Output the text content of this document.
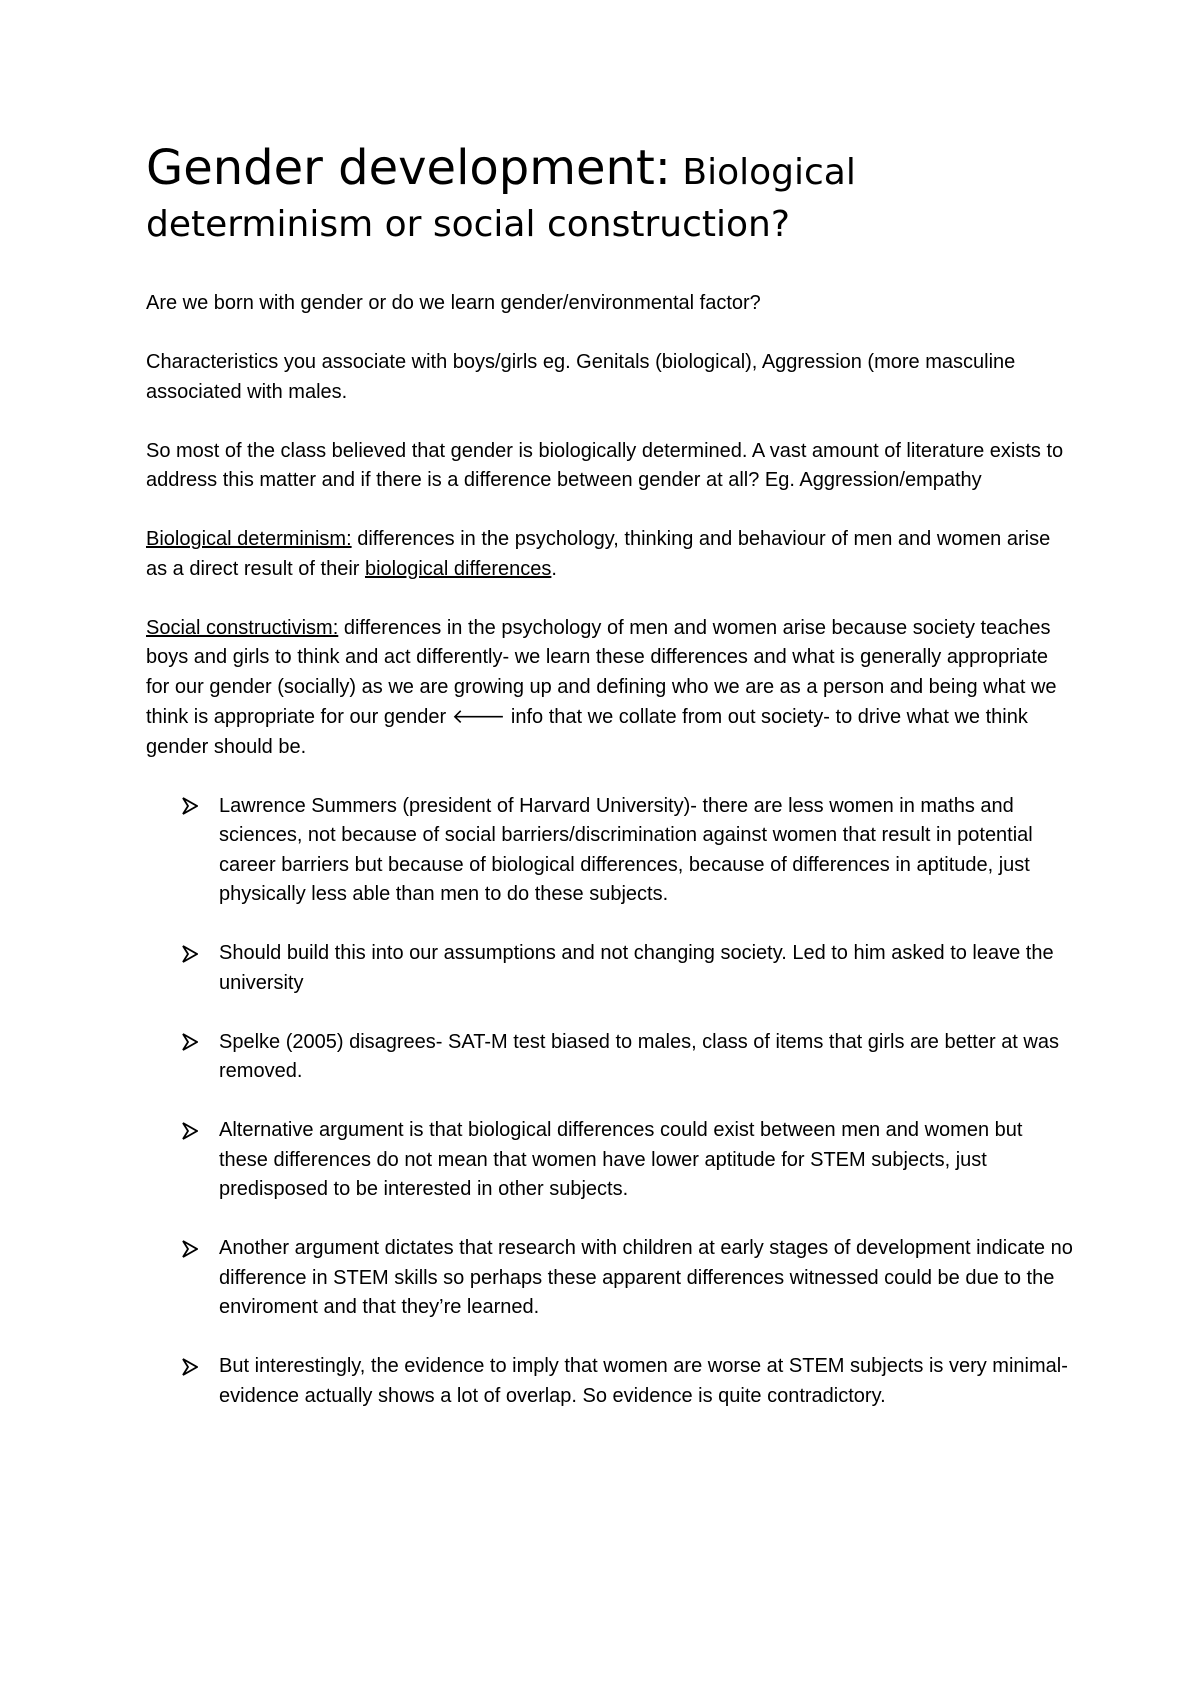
Gender development: Biological determinism or social construction?

Are we born with gender or do we learn gender/environmental factor?

Characteristics you associate with boys/girls eg. Genitals (biological), Aggression (more masculine associated with males.

So most of the class believed that gender is biologically determined. A vast amount of literature exists to address this matter and if there is a difference between gender at all? Eg. Aggression/empathy

Biological determinism: differences in the psychology, thinking and behaviour of men and women arise as a direct result of their biological differences.

Social constructivism: differences in the psychology of men and women arise because society teaches boys and girls to think and act differently- we learn these differences and what is generally appropriate for our gender (socially) as we are growing up and defining who we are as a person and being what we think is appropriate for our gender 🡐 info that we collate from out society- to drive what we think gender should be.

Lawrence Summers (president of Harvard University)- there are less women in maths and sciences, not because of social barriers/discrimination against women that result in potential career barriers but because of biological differences, because of differences in aptitude, just physically less able than men to do these subjects.
Should build this into our assumptions and not changing society. Led to him asked to leave the university
Spelke (2005) disagrees- SAT-M test biased to males, class of items that girls are better at was removed.
Alternative argument is that biological differences could exist between men and women but these differences do not mean that women have lower aptitude for STEM subjects, just predisposed to be interested in other subjects.
Another argument dictates that research with children at early stages of development indicate no difference in STEM skills so perhaps these apparent differences witnessed could be due to the enviroment and that they’re learned.
But interestingly, the evidence to imply that women are worse at STEM subjects is very minimal- evidence actually shows a lot of overlap. So evidence is quite contradictory.
